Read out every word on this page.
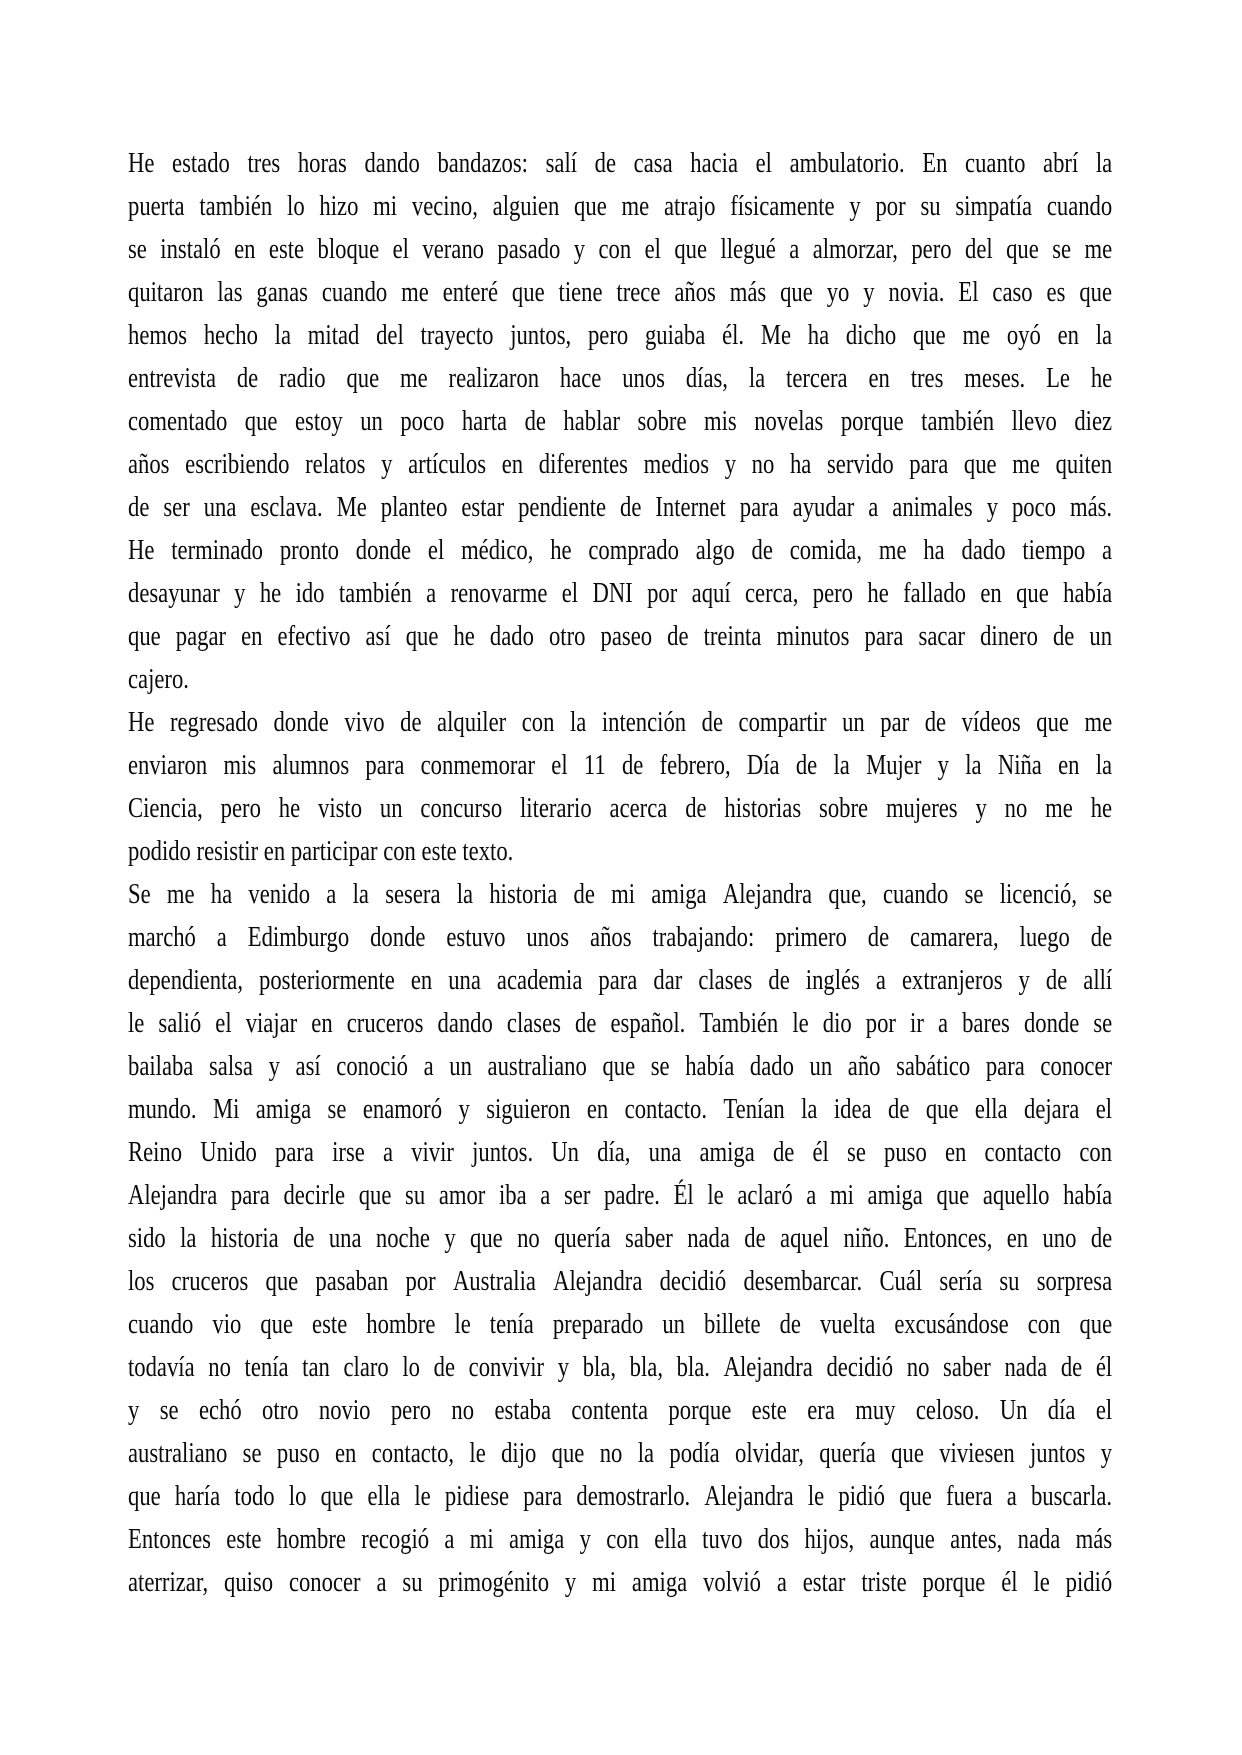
He estado tres horas dando bandazos: salí de casa hacia el ambulatorio. En cuanto abrí la
puerta también lo hizo mi vecino, alguien que me atrajo físicamente y por su simpatía cuando
se instaló en este bloque el verano pasado y con el que llegué a almorzar, pero del que se me
quitaron las ganas cuando me enteré que tiene trece años más que yo y novia. El caso es que
hemos hecho la mitad del trayecto juntos, pero guiaba él. Me ha dicho que me oyó en la
entrevista de radio que me realizaron hace unos días, la tercera en tres meses. Le he
comentado que estoy un poco harta de hablar sobre mis novelas porque también llevo diez
años escribiendo relatos y artículos en diferentes medios y no ha servido para que me quiten
de ser una esclava. Me planteo estar pendiente de Internet para ayudar a animales y poco más.
He terminado pronto donde el médico, he comprado algo de comida, me ha dado tiempo a
desayunar y he ido también a renovarme el DNI por aquí cerca, pero he fallado en que había
que pagar en efectivo así que he dado otro paseo de treinta minutos para sacar dinero de un
cajero.
He regresado donde vivo de alquiler con la intención de compartir un par de vídeos que me
enviaron mis alumnos para conmemorar el 11 de febrero, Día de la Mujer y la Niña en la
Ciencia, pero he visto un concurso literario acerca de historias sobre mujeres y no me he
podido resistir en participar con este texto.
Se me ha venido a la sesera la historia de mi amiga Alejandra que, cuando se licenció, se
marchó a Edimburgo donde estuvo unos años trabajando: primero de camarera, luego de
dependienta, posteriormente en una academia para dar clases de inglés a extranjeros y de allí
le salió el viajar en cruceros dando clases de español. También le dio por ir a bares donde se
bailaba salsa y así conoció a un australiano que se había dado un año sabático para conocer
mundo. Mi amiga se enamoró y siguieron en contacto. Tenían la idea de que ella dejara el
Reino Unido para irse a vivir juntos. Un día, una amiga de él se puso en contacto con
Alejandra para decirle que su amor iba a ser padre. Él le aclaró a mi amiga que aquello había
sido la historia de una noche y que no quería saber nada de aquel niño. Entonces, en uno de
los cruceros que pasaban por Australia Alejandra decidió desembarcar. Cuál sería su sorpresa
cuando vio que este hombre le tenía preparado un billete de vuelta excusándose con que
todavía no tenía tan claro lo de convivir y bla, bla, bla. Alejandra decidió no saber nada de él
y se echó otro novio pero no estaba contenta porque este era muy celoso. Un día el
australiano se puso en contacto, le dijo que no la podía olvidar, quería que viviesen juntos y
que haría todo lo que ella le pidiese para demostrarlo. Alejandra le pidió que fuera a buscarla.
Entonces este hombre recogió a mi amiga y con ella tuvo dos hijos, aunque antes, nada más
aterrizar, quiso conocer a su primogénito y mi amiga volvió a estar triste porque él le pidió
